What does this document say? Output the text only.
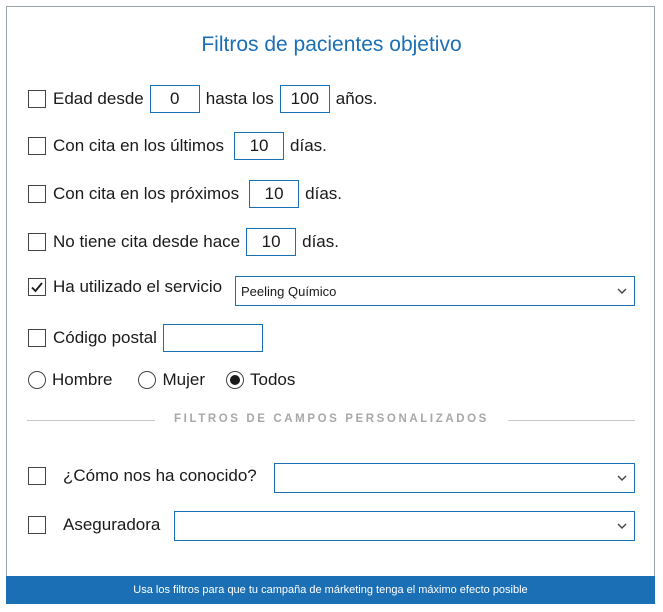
Filtros de pacientes objetivo
Edad desde
0	hasta los
100	años.
Con cita en los últimos
10	días.
Con cita en los próximos
10	días.
No tiene cita desde hace
10	días.
Ha utilizado el servicio Peeling Químico
Código postal
Hombre	Mujer	Todos
FILTROS DE CAMPOS PERSONALIZADOS
¿Cómo nos ha conocido?
Aseguradora
Usa los filtros para que tu campaña de márketing tenga el máximo efecto posible
